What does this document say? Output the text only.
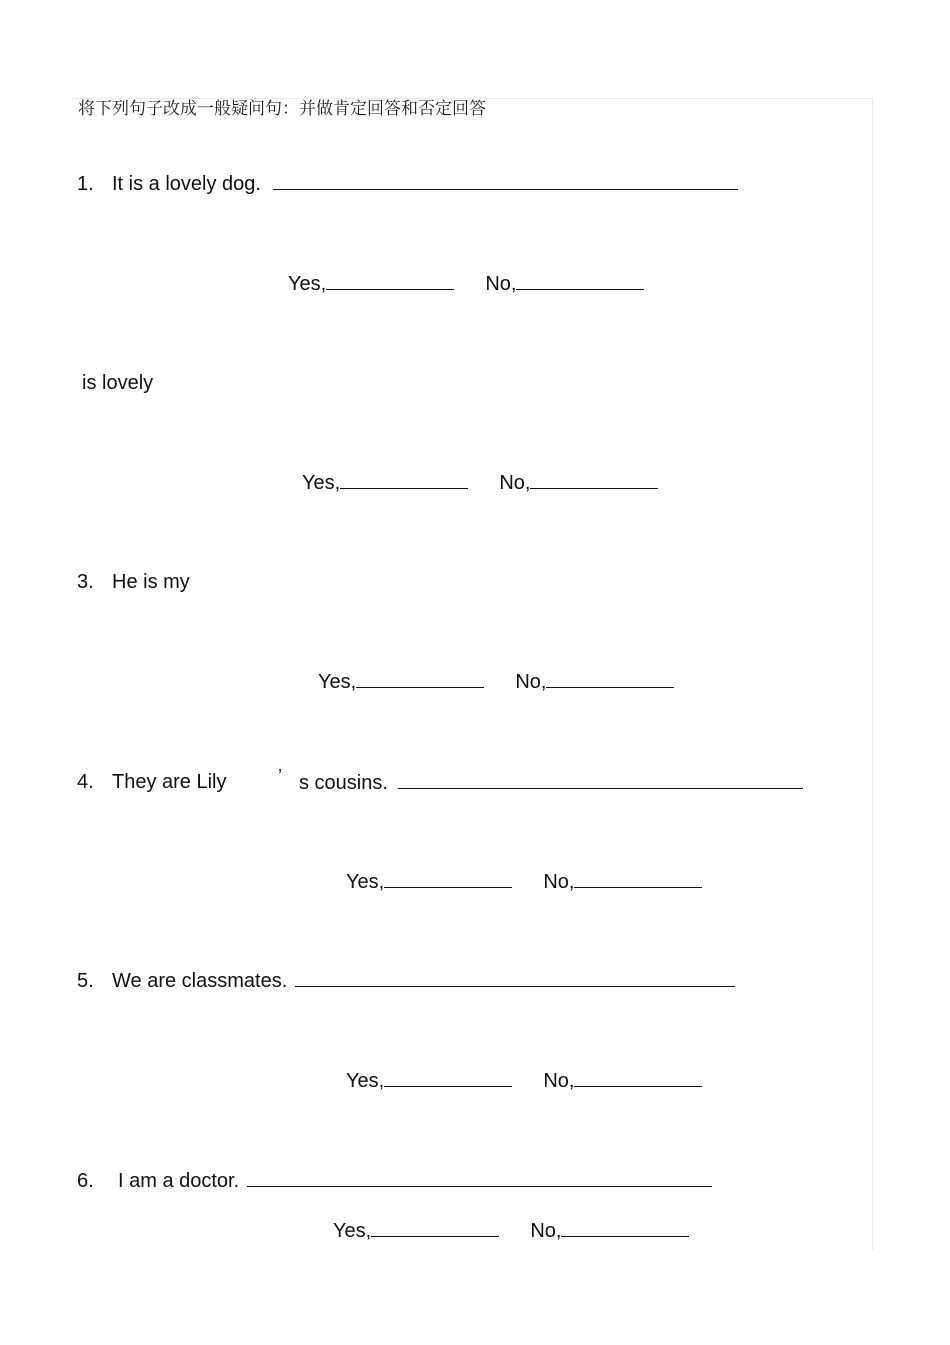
将下列句子改成一般疑问句：并做肯定回答和否定回答
1. It is a lovely dog.
Yes,	No,
is lovely
Yes,	No,
3. He is my
Yes,	No,
4. They are Lily	’ s cousins.
Yes,	No,
5. We are classmates.
Yes,	No,
6. I am a doctor.
Yes,	No,
